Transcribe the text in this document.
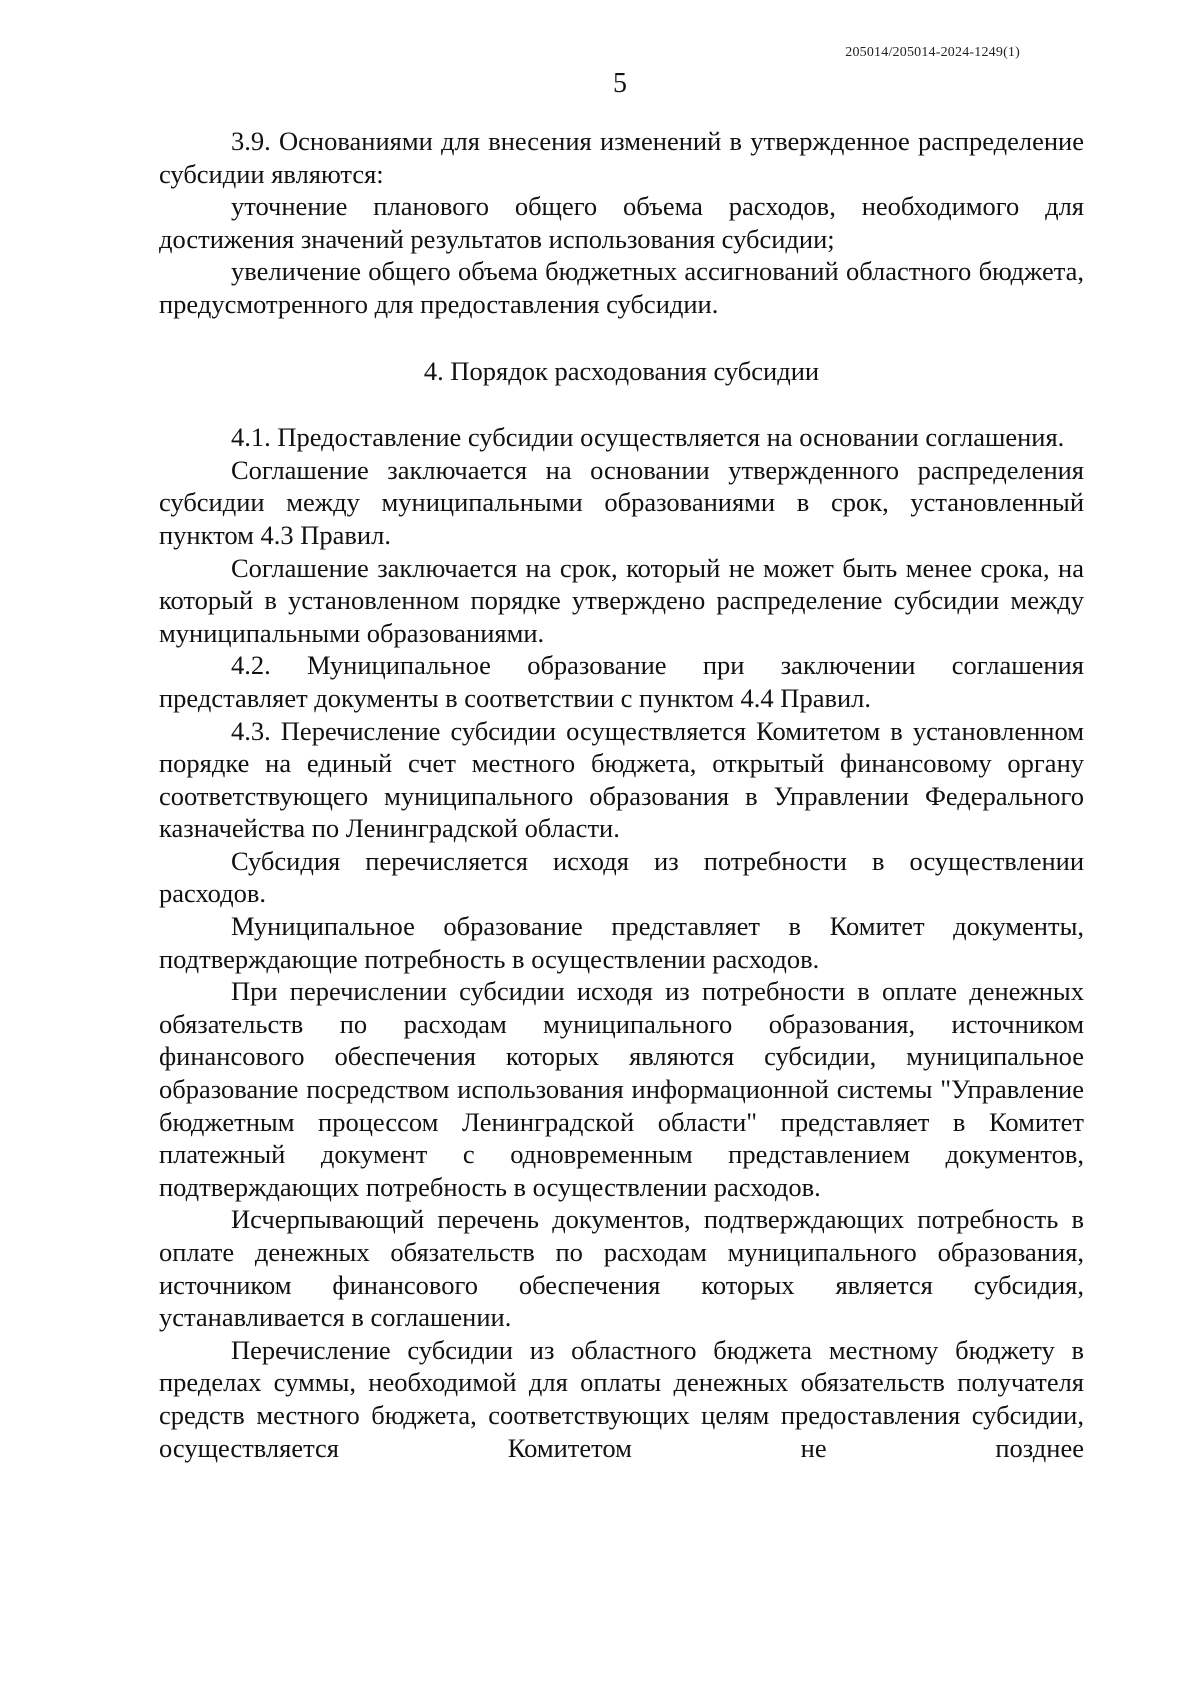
205014/205014-2024-1249(1)
5

3.9. Основаниями для внесения изменений в утвержденное распределение субсидии являются:

уточнение планового общего объема расходов, необходимого для достижения значений результатов использования субсидии;

увеличение общего объема бюджетных ассигнований областного бюджета, предусмотренного для предоставления субсидии.

4. Порядок расходования субсидии

4.1. Предоставление субсидии осуществляется на основании соглашения.

Соглашение заключается на основании утвержденного распределения субсидии между муниципальными образованиями в срок, установленный пунктом 4.3 Правил.

Соглашение заключается на срок, который не может быть менее срока, на который в установленном порядке утверждено распределение субсидии между муниципальными образованиями.

4.2. Муниципальное образование при заключении соглашения представляет документы в соответствии с пунктом 4.4 Правил.

4.3. Перечисление субсидии осуществляется Комитетом в установленном порядке на единый счет местного бюджета, открытый финансовому органу соответствующего муниципального образования в Управлении Федерального казначейства по Ленинградской области.

Субсидия перечисляется исходя из потребности в осуществлении расходов.

Муниципальное образование представляет в Комитет документы, подтверждающие потребность в осуществлении расходов.

При перечислении субсидии исходя из потребности в оплате денежных обязательств по расходам муниципального образования, источником финансового обеспечения которых являются субсидии, муниципальное образование посредством использования информационной системы "Управление бюджетным процессом Ленинградской области" представляет в Комитет платежный документ с одновременным представлением документов, подтверждающих потребность в осуществлении расходов.

Исчерпывающий перечень документов, подтверждающих потребность в оплате денежных обязательств по расходам муниципального образования, источником финансового обеспечения которых является субсидия, устанавливается в соглашении.

Перечисление субсидии из областного бюджета местному бюджету в пределах суммы, необходимой для оплаты денежных обязательств получателя средств местного бюджета, соответствующих целям предоставления субсидии, осуществляется Комитетом не позднее
